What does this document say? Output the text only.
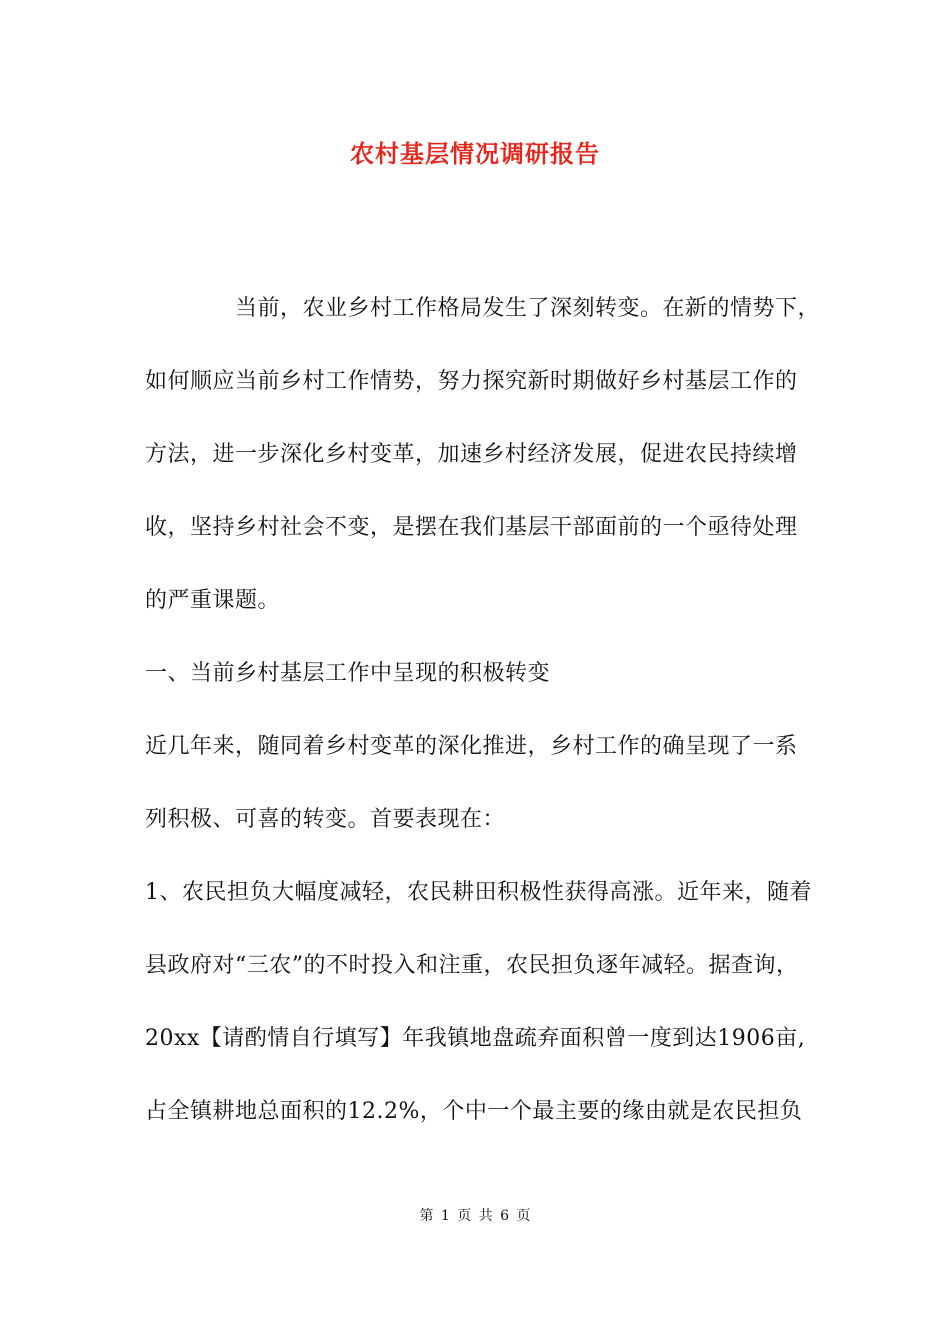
农村基层情况调研报告
当前，农业乡村工作格局发生了深刻转变。在新的情势下，
如何顺应当前乡村工作情势，努力探究新时期做好乡村基层工作的
方法，进一步深化乡村变革，加速乡村经济发展，促进农民持续增
收，坚持乡村社会不变，是摆在我们基层干部面前的一个亟待处理
的严重课题。
一、当前乡村基层工作中呈现的积极转变
近几年来，随同着乡村变革的深化推进，乡村工作的确呈现了一系
列积极、可喜的转变。首要表现在：
1、农民担负大幅度减轻，农民耕田积极性获得高涨。近年来，随着
县政府对“三农”的不时投入和注重，农民担负逐年减轻。据查询，
20xx【请酌情自行填写】年我镇地盘疏弃面积曾一度到达1906亩,
占全镇耕地总面积的12.2%，个中一个最主要的缘由就是农民担负
第 1 页 共 6 页
